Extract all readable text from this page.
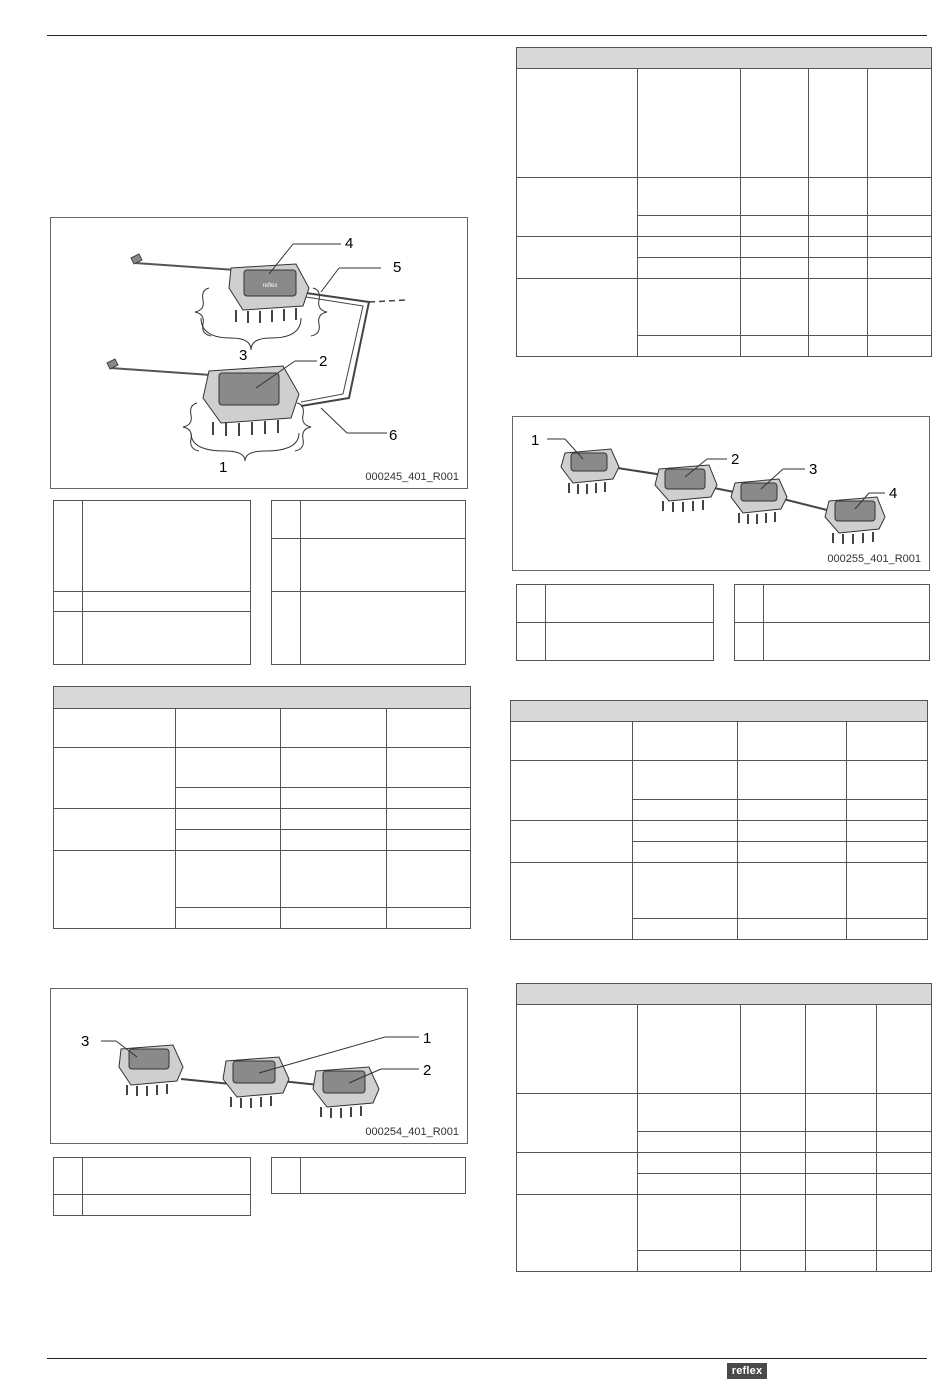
reflex
4
5
3	2
6
1
000245_401_R001

3	1
2
000254_401_R001

1
2
3
4
000255_401_R001

reflex
